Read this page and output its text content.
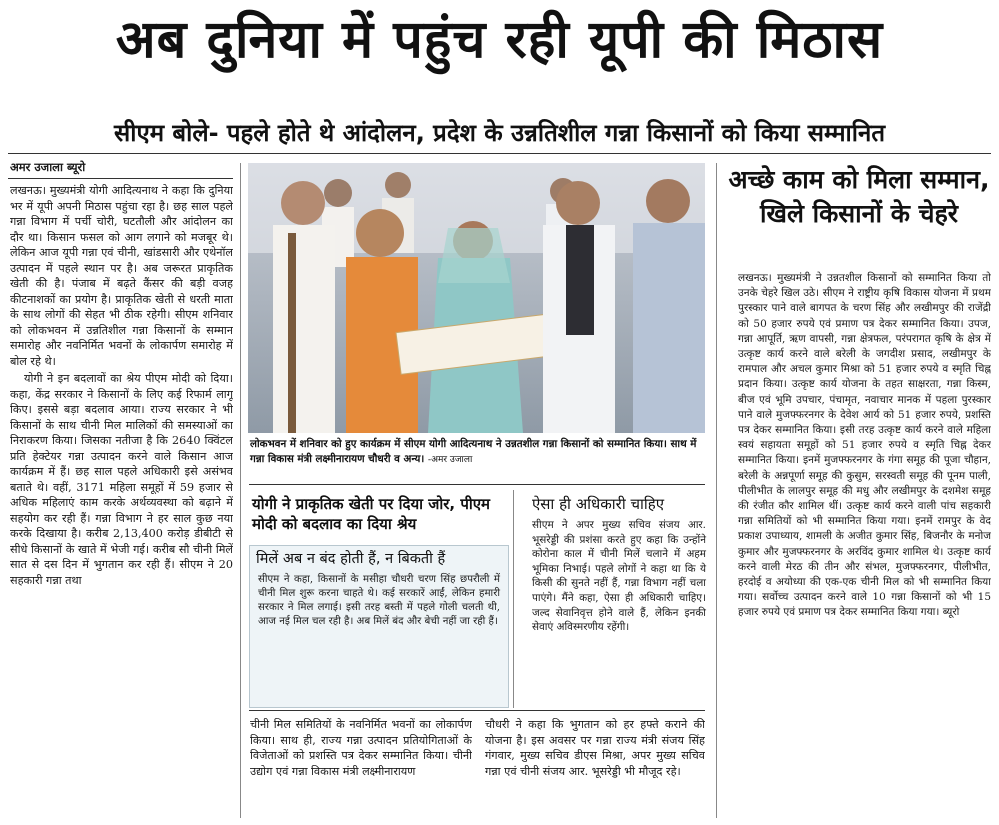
अब दुनिया में पहुंच रही यूपी की मिठास
सीएम बोले- पहले होते थे आंदोलन, प्रदेश के उन्नतिशील गन्ना किसानों को किया सम्मानित
अमर उजाला ब्यूरो

लखनऊ। मुख्यमंत्री योगी आदित्यनाथ ने कहा कि दुनिया भर में यूपी अपनी मिठास पहुंचा रहा है। छह साल पहले गन्ना विभाग में पर्ची चोरी, घटतौली और आंदोलन का दौर था। किसान फसल को आग लगाने को मजबूर थे। लेकिन आज यूपी गन्ना एवं चीनी, खांडसारी और एथेनॉल उत्पादन में पहले स्थान पर है। अब जरूरत प्राकृतिक खेती की है। पंजाब में बढ़ते कैंसर की बड़ी वजह कीटनाशकों का प्रयोग है। प्राकृतिक खेती से धरती माता के साथ लोगों की सेहत भी ठीक रहेगी। सीएम शनिवार को लोकभवन में उन्नतिशील गन्ना किसानों के सम्मान समारोह और नवनिर्मित भवनों के लोकार्पण समारोह में बोल रहे थे।

योगी ने इन बदलावों का श्रेय पीएम मोदी को दिया। कहा, केंद्र सरकार ने किसानों के लिए कई रिफार्म लागू किए। इससे बड़ा बदलाव आया। राज्य सरकार ने भी किसानों के साथ चीनी मिल मालिकों की समस्याओं का निराकरण किया। जिसका नतीजा है कि 2640 क्विंटल प्रति हेक्टेयर गन्ना उत्पादन करने वाले किसान आज कार्यक्रम में हैं। छह साल पहले अधिकारी इसे असंभव बताते थे। वहीं, 3171 महिला समूहों में 59 हजार से अधिक महिलाएं काम करके अर्थव्यवस्था को बढ़ाने में सहयोग कर रही हैं। गन्ना विभाग ने हर साल कुछ नया करके दिखाया है। करीब 2,13,400 करोड़ डीबीटी से सीधे किसानों के खाते में भेजी गई। करीब सौ चीनी मिलें सात से दस दिन में भुगतान कर रही हैं। सीएम ने 20 सहकारी गन्ना तथा

लोकभवन में शनिवार को हुए कार्यक्रम में सीएम योगी आदित्यनाथ ने उन्नतशील गन्ना किसानों को सम्मानित किया। साथ में गन्ना विकास मंत्री लक्ष्मीनारायण चौधरी व अन्य। -अमर उजाला
योगी ने प्राकृतिक खेती पर दिया जोर, पीएम मोदी को बदलाव का दिया श्रेय
मिलें अब न बंद होती हैं, न बिकती हैं
सीएम ने कहा, किसानों के मसीहा चौधरी चरण सिंह छपरौली में चीनी मिल शुरू करना चाहते थे। कई सरकारें आईं, लेकिन हमारी सरकार ने मिल लगाई। इसी तरह बस्ती में पहले गोली चलती थी, आज नई मिल चल रही है। अब मिलें बंद और बेची नहीं जा रही हैं।
ऐसा ही अधिकारी चाहिए
सीएम ने अपर मुख्य सचिव संजय आर. भूसरेड्डी की प्रशंसा करते हुए कहा कि उन्होंने कोरोना काल में चीनी मिलें चलाने में अहम भूमिका निभाई। पहले लोगों ने कहा था कि ये किसी की सुनते नहीं हैं, गन्ना विभाग नहीं चला पाएंगे। मैंने कहा, ऐसा ही अधिकारी चाहिए। जल्द सेवानिवृत्त होने वाले हैं, लेकिन इनकी सेवाएं अविस्मरणीय रहेंगी।
चीनी मिल समितियों के नवनिर्मित भवनों का लोकार्पण किया। साथ ही, राज्य गन्ना उत्पादन प्रतियोगिताओं के विजेताओं को प्रशस्ति पत्र देकर सम्मानित किया। चीनी उद्योग एवं गन्ना विकास मंत्री लक्ष्मीनारायण
चौधरी ने कहा कि भुगतान को हर हफ्ते कराने की योजना है। इस अवसर पर गन्ना राज्य मंत्री संजय सिंह गंगवार, मुख्य सचिव डीएस मिश्रा, अपर मुख्य सचिव गन्ना एवं चीनी संजय आर. भूसरेड्डी भी मौजूद रहे।
अच्छे काम को मिला सम्मान, खिले किसानों के चेहरे
लखनऊ। मुख्यमंत्री ने उन्नतशील किसानों को सम्मानित किया तो उनके चेहरे खिल उठे। सीएम ने राष्ट्रीय कृषि विकास योजना में प्रथम पुरस्कार पाने वाले बागपत के चरण सिंह और लखीमपुर की राजेंद्री को 50 हजार रुपये एवं प्रमाण पत्र देकर सम्मानित किया। उपज, गन्ना आपूर्ति, ऋण वापसी, गन्ना क्षेत्रफल, परंपरागत कृषि के क्षेत्र में उत्कृष्ट कार्य करने वाले बरेली के जगदीश प्रसाद, लखीमपुर के रामपाल और अचल कुमार मिश्रा को 51 हजार रुपये व स्मृति चिह्न प्रदान किया। उत्कृष्ट कार्य योजना के तहत साक्षरता, गन्ना किस्म, बीज एवं भूमि उपचार, पंचामृत, नवाचार मानक में पहला पुरस्कार पाने वाले मुजफ्फरनगर के देवेश आर्य को 51 हजार रुपये, प्रशस्ति पत्र देकर सम्मानित किया। इसी तरह उत्कृष्ट कार्य करने वाले महिला स्वयं सहायता समूहों को 51 हजार रुपये व स्मृति चिह्न देकर सम्मानित किया। इनमें मुजफ्फरनगर के गंगा समूह की पूजा चौहान, बरेली के अन्नपूर्णा समूह की कुसुम, सरस्वती समूह की पूनम पाली, पीलीभीत के लालपुर समूह की मधु और लखीमपुर के दशमेश समूह की रंजीत कौर शामिल थीं। उत्कृष्ट कार्य करने वाली पांच सहकारी गन्ना समितियों को भी सम्मानित किया गया। इनमें रामपुर के वेद प्रकाश उपाध्याय, शामली के अजीत कुमार सिंह, बिजनौर के मनोज कुमार और मुजफ्फरनगर के अरविंद कुमार शामिल थे। उत्कृष्ट कार्य करने वाली मेरठ की तीन और संभल, मुजफ्फरनगर, पीलीभीत, हरदोई व अयोध्या की एक-एक चीनी मिल को भी सम्मानित किया गया। सर्वोच्च उत्पादन करने वाले 10 गन्ना किसानों को भी 15 हजार रुपये एवं प्रमाण पत्र देकर सम्मानित किया गया। ब्यूरो
